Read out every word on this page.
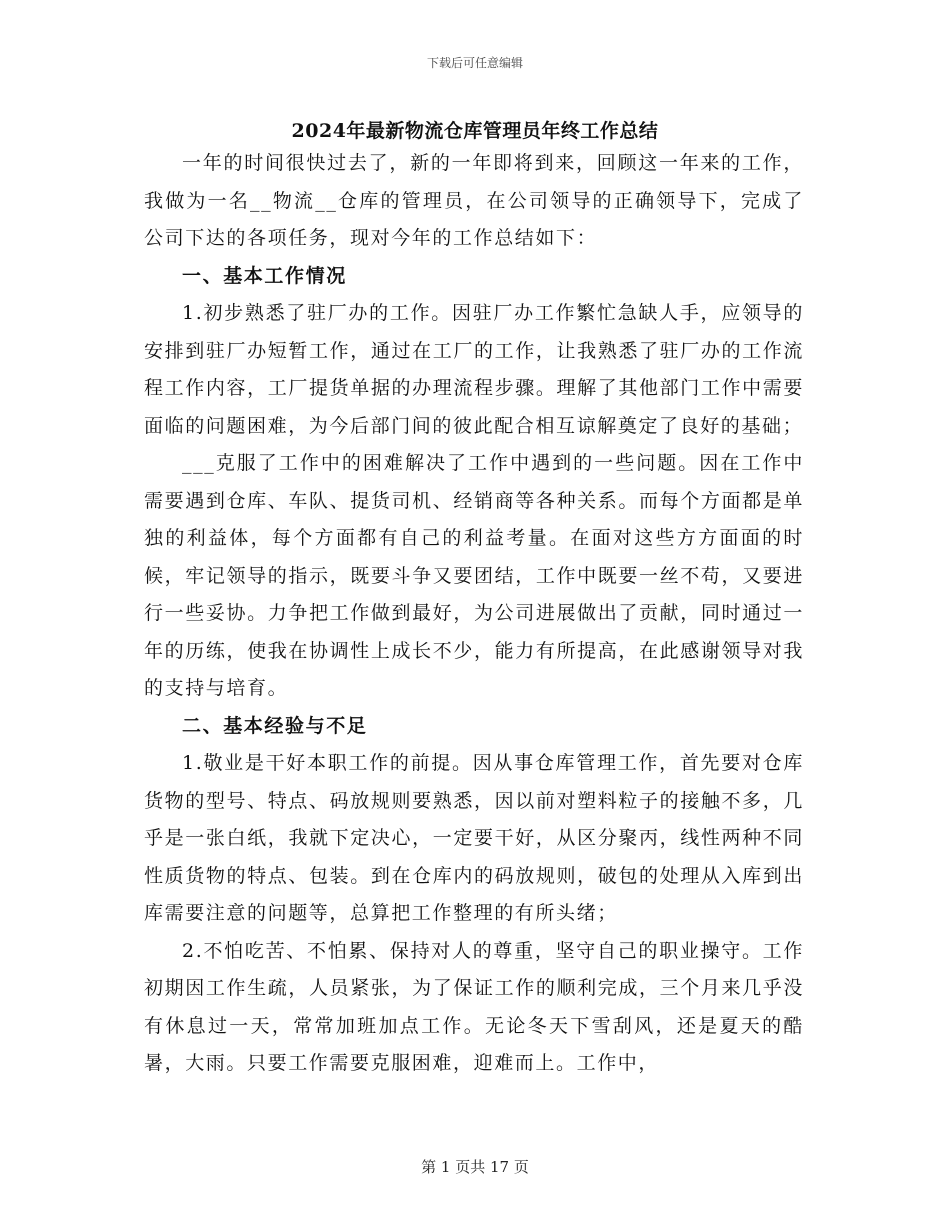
下载后可任意编辑
2024年最新物流仓库管理员年终工作总结

一年的时间很快过去了，新的一年即将到来，回顾这一年来的工作，我做为一名__物流__仓库的管理员，在公司领导的正确领导下，完成了公司下达的各项任务，现对今年的工作总结如下：

一、基本工作情况

1.初步熟悉了驻厂办的工作。因驻厂办工作繁忙急缺人手，应领导的安排到驻厂办短暂工作，通过在工厂的工作，让我熟悉了驻厂办的工作流程工作内容，工厂提货单据的办理流程步骤。理解了其他部门工作中需要面临的问题困难，为今后部门间的彼此配合相互谅解奠定了良好的基础；

___克服了工作中的困难解决了工作中遇到的一些问题。因在工作中需要遇到仓库、车队、提货司机、经销商等各种关系。而每个方面都是单独的利益体，每个方面都有自己的利益考量。在面对这些方方面面的时候，牢记领导的指示，既要斗争又要团结，工作中既要一丝不苟，又要进行一些妥协。力争把工作做到最好，为公司进展做出了贡献，同时通过一年的历练，使我在协调性上成长不少，能力有所提高，在此感谢领导对我的支持与培育。

二、基本经验与不足

1.敬业是干好本职工作的前提。因从事仓库管理工作，首先要对仓库货物的型号、特点、码放规则要熟悉，因以前对塑料粒子的接触不多，几乎是一张白纸，我就下定决心，一定要干好，从区分聚丙，线性两种不同性质货物的特点、包装。到在仓库内的码放规则，破包的处理从入库到出库需要注意的问题等，总算把工作整理的有所头绪；

2.不怕吃苦、不怕累、保持对人的尊重，坚守自己的职业操守。工作初期因工作生疏，人员紧张，为了保证工作的顺利完成，三个月来几乎没有休息过一天，常常加班加点工作。无论冬天下雪刮风，还是夏天的酷暑，大雨。只要工作需要克服困难，迎难而上。工作中，

第 1 页共 17 页
